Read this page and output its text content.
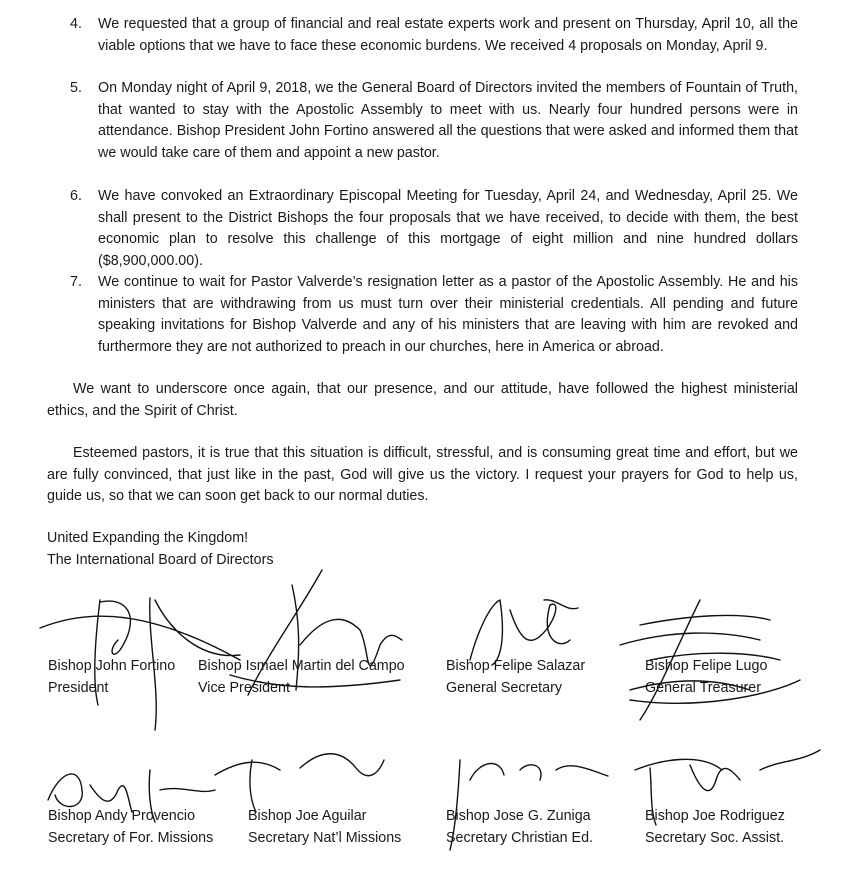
4. We requested that a group of financial and real estate experts work and present on Thursday, April 10, all the viable options that we have to face these economic burdens. We received 4 proposals on Monday, April 9.
5. On Monday night of April 9, 2018, we the General Board of Directors invited the members of Fountain of Truth, that wanted to stay with the Apostolic Assembly to meet with us. Nearly four hundred persons were in attendance. Bishop President John Fortino answered all the questions that were asked and informed them that we would take care of them and appoint a new pastor.
6. We have convoked an Extraordinary Episcopal Meeting for Tuesday, April 24, and Wednesday, April 25. We shall present to the District Bishops the four proposals that we have received, to decide with them, the best economic plan to resolve this challenge of this mortgage of eight million and nine hundred dollars ($8,900,000.00).
7. We continue to wait for Pastor Valverde’s resignation letter as a pastor of the Apostolic Assembly. He and his ministers that are withdrawing from us must turn over their ministerial credentials. All pending and future speaking invitations for Bishop Valverde and any of his ministers that are leaving with him are revoked and furthermore they are not authorized to preach in our churches, here in America or abroad.
We want to underscore once again, that our presence, and our attitude, have followed the highest ministerial ethics, and the Spirit of Christ.
Esteemed pastors, it is true that this situation is difficult, stressful, and is consuming great time and effort, but we are fully convinced, that just like in the past, God will give us the victory. I request your prayers for God to help us, guide us, so that we can soon get back to our normal duties.
United Expanding the Kingdom!
The International Board of Directors
Bishop John Fortino
President
Bishop Ismael Martin del Campo
Vice President
Bishop Felipe Salazar
General Secretary
Bishop Felipe Lugo
General Treasurer
Bishop Andy Provencio
Secretary of For. Missions
Bishop Joe Aguilar
Secretary Nat’l Missions
Bishop Jose G. Zuniga
Secretary Christian Ed.
Bishop Joe Rodriguez
Secretary Soc. Assist.
